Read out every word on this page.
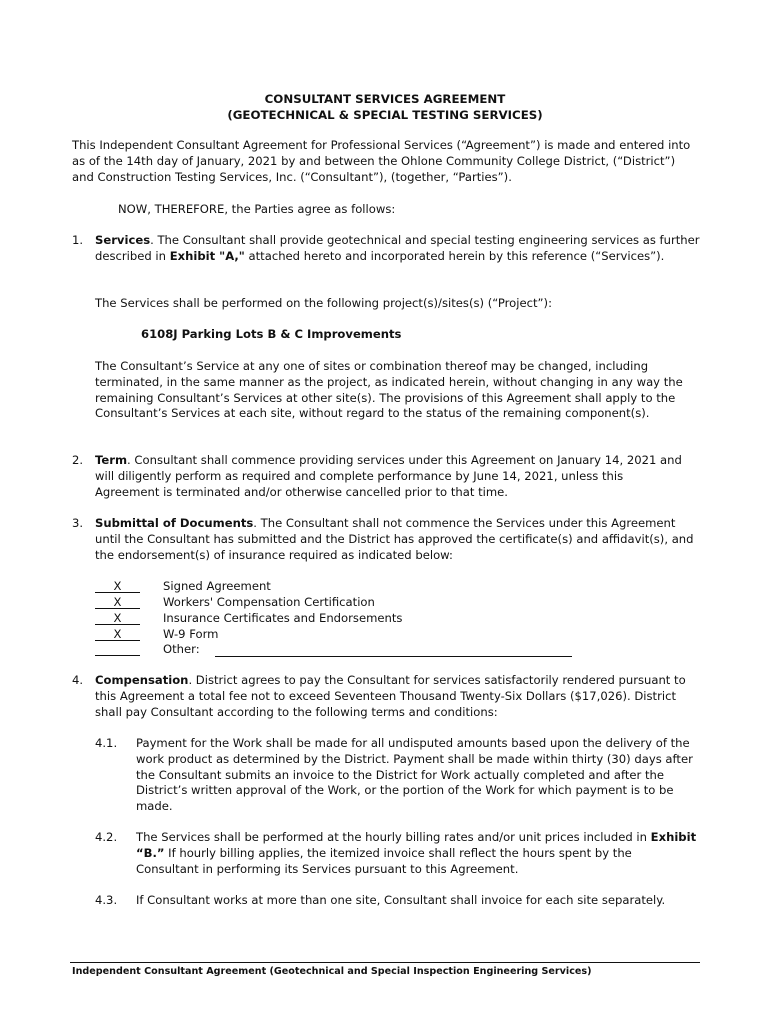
CONSULTANT SERVICES AGREEMENT
(GEOTECHNICAL & SPECIAL TESTING SERVICES)

This Independent Consultant Agreement for Professional Services (“Agreement”) is made and entered into as of the 14th day of January, 2021 by and between the Ohlone Community College District, (“District”) and Construction Testing Services, Inc. (“Consultant”), (together, “Parties”).

NOW, THEREFORE, the Parties agree as follows:

1. Services. The Consultant shall provide geotechnical and special testing engineering services as further described in Exhibit "A," attached hereto and incorporated herein by this reference (“Services”).

The Services shall be performed on the following project(s)/sites(s) (“Project”):

6108J Parking Lots B & C Improvements

The Consultant’s Service at any one of sites or combination thereof may be changed, including terminated, in the same manner as the project, as indicated herein, without changing in any way the remaining Consultant’s Services at other site(s). The provisions of this Agreement shall apply to the Consultant’s Services at each site, without regard to the status of the remaining component(s).

2. Term. Consultant shall commence providing services under this Agreement on January 14, 2021 and will diligently perform as required and complete performance by June 14, 2021, unless this Agreement is terminated and/or otherwise cancelled prior to that time.

3. Submittal of Documents. The Consultant shall not commence the Services under this Agreement until the Consultant has submitted and the District has approved the certificate(s) and affidavit(s), and the endorsement(s) of insurance required as indicated below:

X	Signed Agreement
X	Workers' Compensation Certification
X	Insurance Certificates and Endorsements
X	W-9 Form
Other:
4. Compensation. District agrees to pay the Consultant for services satisfactorily rendered pursuant to this Agreement a total fee not to exceed Seventeen Thousand Twenty-Six Dollars ($17,026). District shall pay Consultant according to the following terms and conditions:

4.1. Payment for the Work shall be made for all undisputed amounts based upon the delivery of the work product as determined by the District. Payment shall be made within thirty (30) days after the Consultant submits an invoice to the District for Work actually completed and after the District’s written approval of the Work, or the portion of the Work for which payment is to be made.

4.2. The Services shall be performed at the hourly billing rates and/or unit prices included in Exhibit “B.” If hourly billing applies, the itemized invoice shall reflect the hours spent by the Consultant in performing its Services pursuant to this Agreement.

4.3. If Consultant works at more than one site, Consultant shall invoice for each site separately.

Independent Consultant Agreement (Geotechnical and Special Inspection Engineering Services)
